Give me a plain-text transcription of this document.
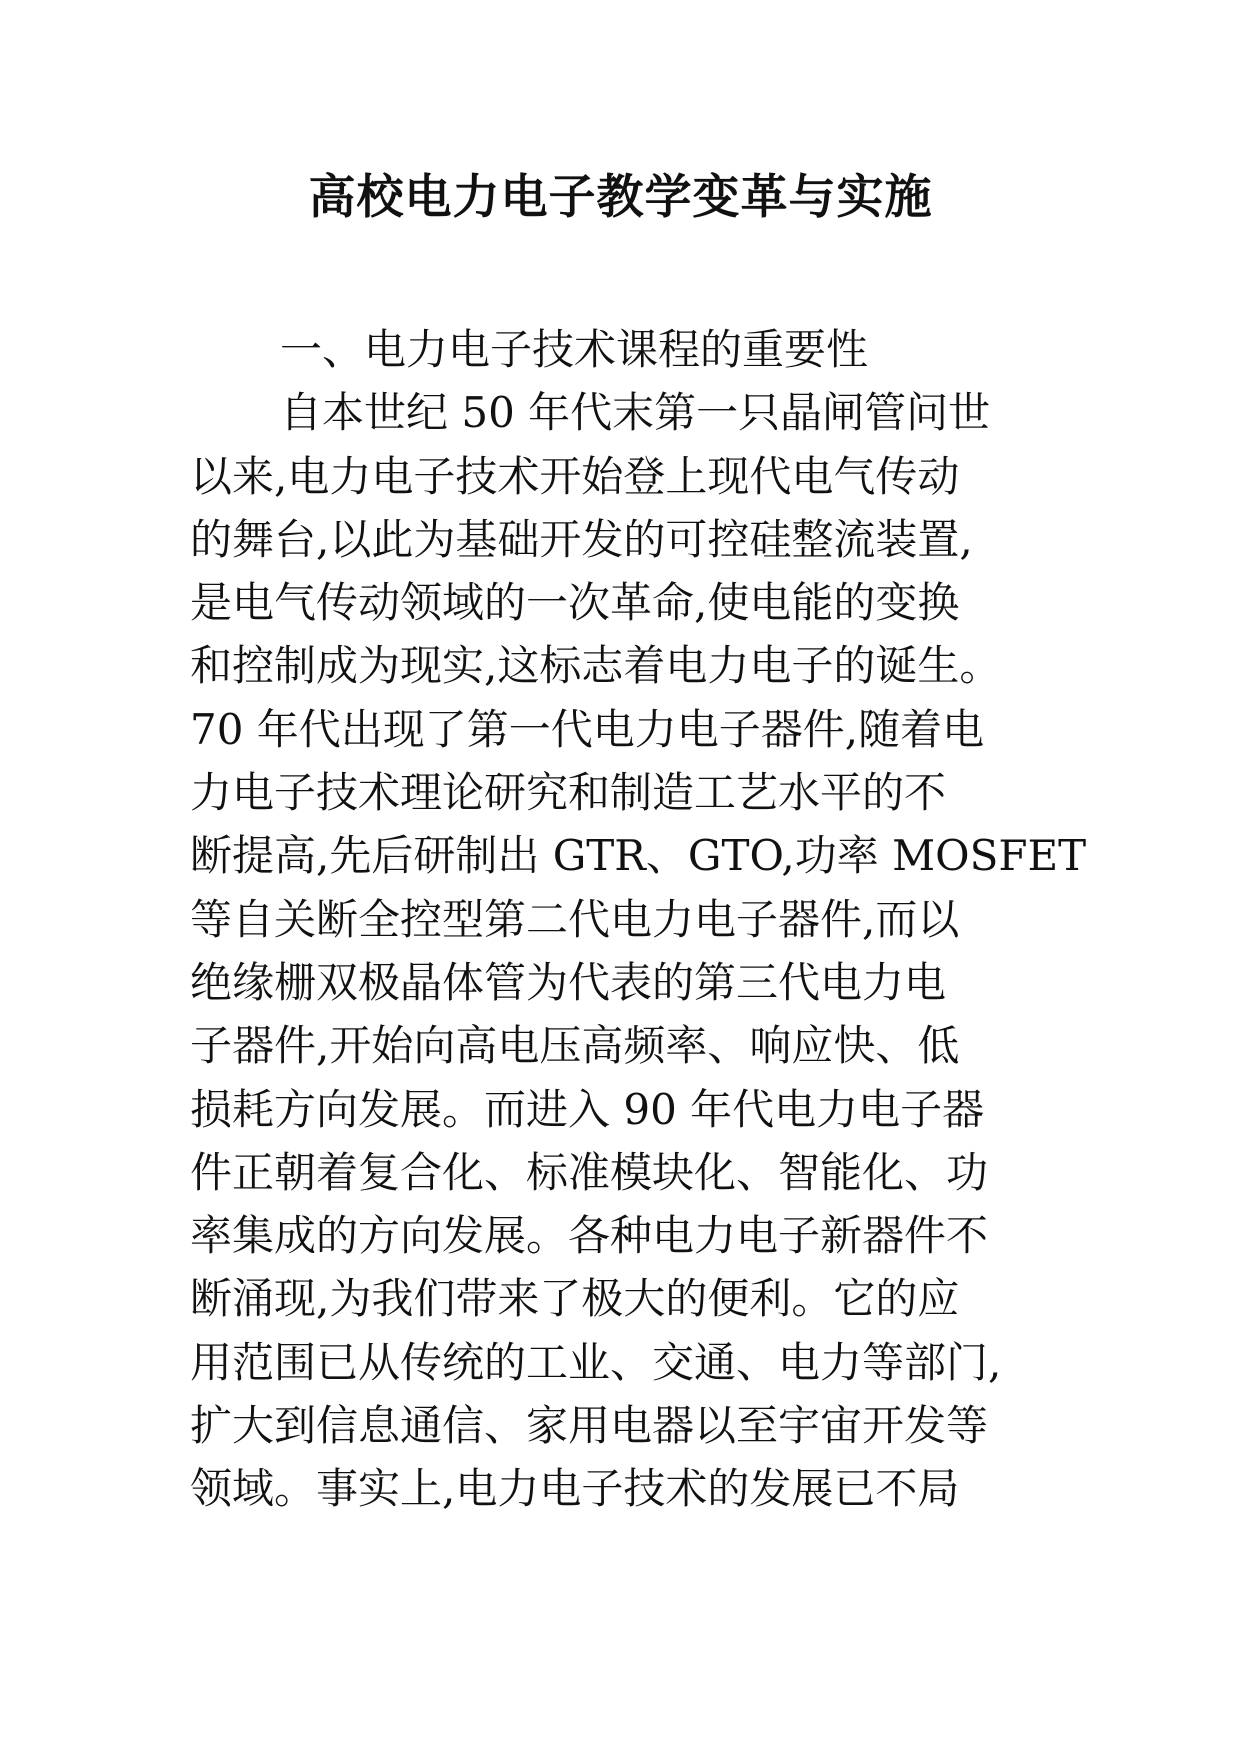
高校电力电子教学变革与实施
一、电力电子技术课程的重要性
自本世纪 50 年代末第一只晶闸管问世
以来,电力电子技术开始登上现代电气传动
的舞台,以此为基础开发的可控硅整流装置,
是电气传动领域的一次革命,使电能的变换
和控制成为现实,这标志着电力电子的诞生。
70 年代出现了第一代电力电子器件,随着电
力电子技术理论研究和制造工艺水平的不
断提高,先后研制出 GTR、GTO,功率 MOSFET
等自关断全控型第二代电力电子器件,而以
绝缘栅双极晶体管为代表的第三代电力电
子器件,开始向高电压高频率、响应快、低
损耗方向发展。而进入 90 年代电力电子器
件正朝着复合化、标准模块化、智能化、功
率集成的方向发展。各种电力电子新器件不
断涌现,为我们带来了极大的便利。它的应
用范围已从传统的工业、交通、电力等部门,
扩大到信息通信、家用电器以至宇宙开发等
领域。事实上,电力电子技术的发展已不局
